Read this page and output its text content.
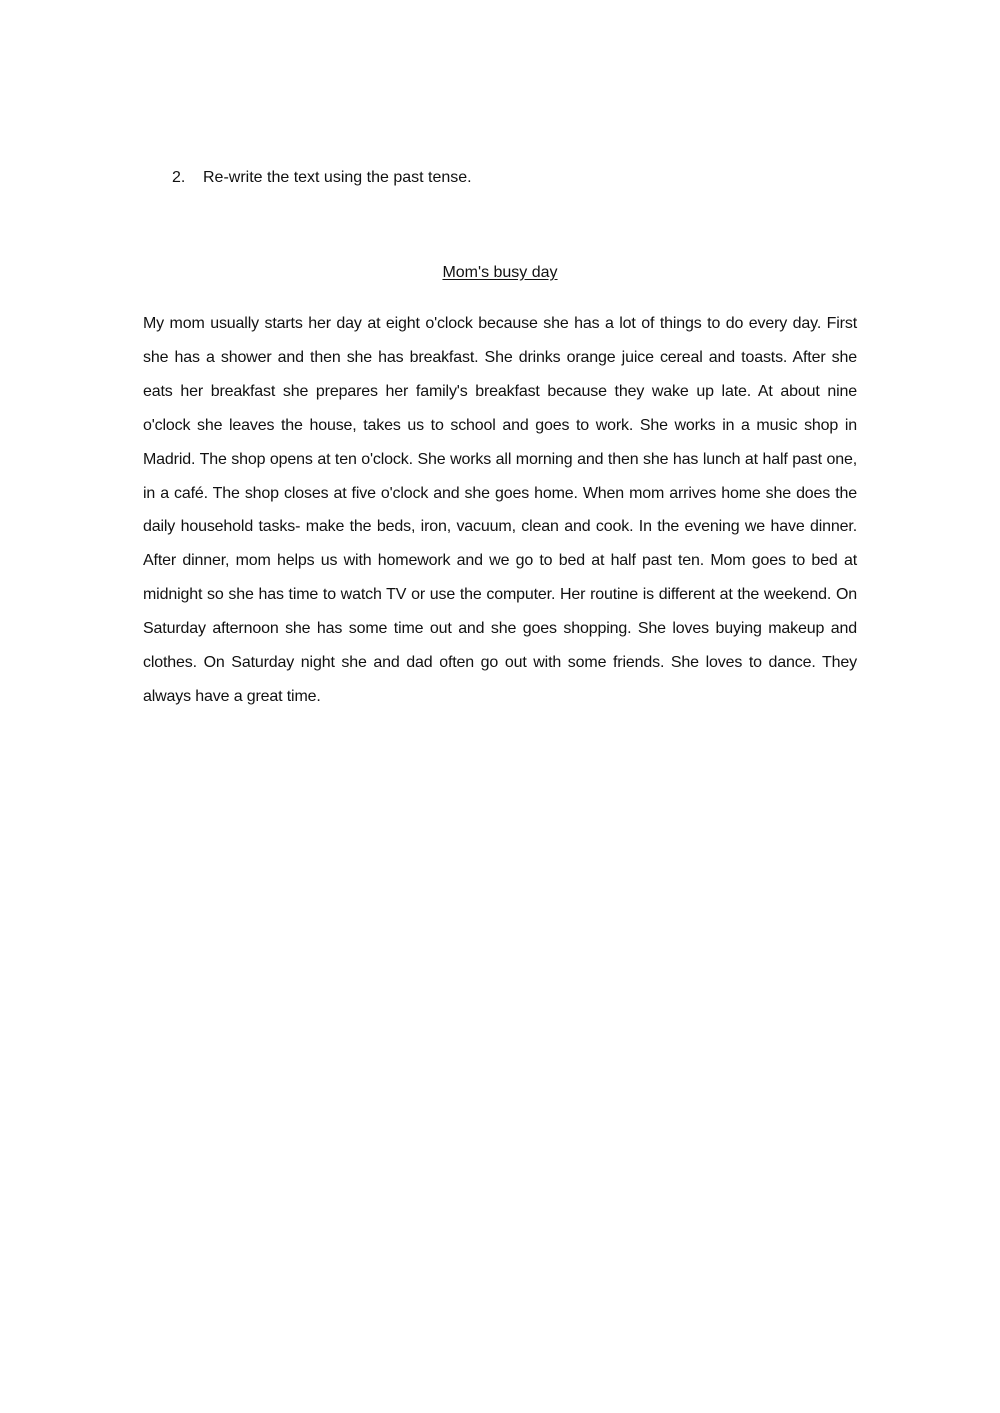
2. Re-write the text using the past tense.
Mom's busy day

My mom usually starts her day at eight o'clock because she has a lot of things to do every day. First she has a shower and then she has breakfast. She drinks orange juice cereal and toasts. After she eats her breakfast she prepares her family's breakfast because they wake up late. At about nine o'clock she leaves the house, takes us to school and goes to work. She works in a music shop in Madrid. The shop opens at ten o'clock. She works all morning and then she has lunch at half past one, in a café. The shop closes at five o'clock and she goes home. When mom arrives home she does the daily household tasks- make the beds, iron, vacuum, clean and cook. In the evening we have dinner. After dinner, mom helps us with homework and we go to bed at half past ten. Mom goes to bed at midnight so she has time to watch TV or use the computer. Her routine is different at the weekend. On Saturday afternoon she has some time out and she goes shopping. She loves buying makeup and clothes. On Saturday night she and dad often go out with some friends. She loves to dance. They always have a great time.
